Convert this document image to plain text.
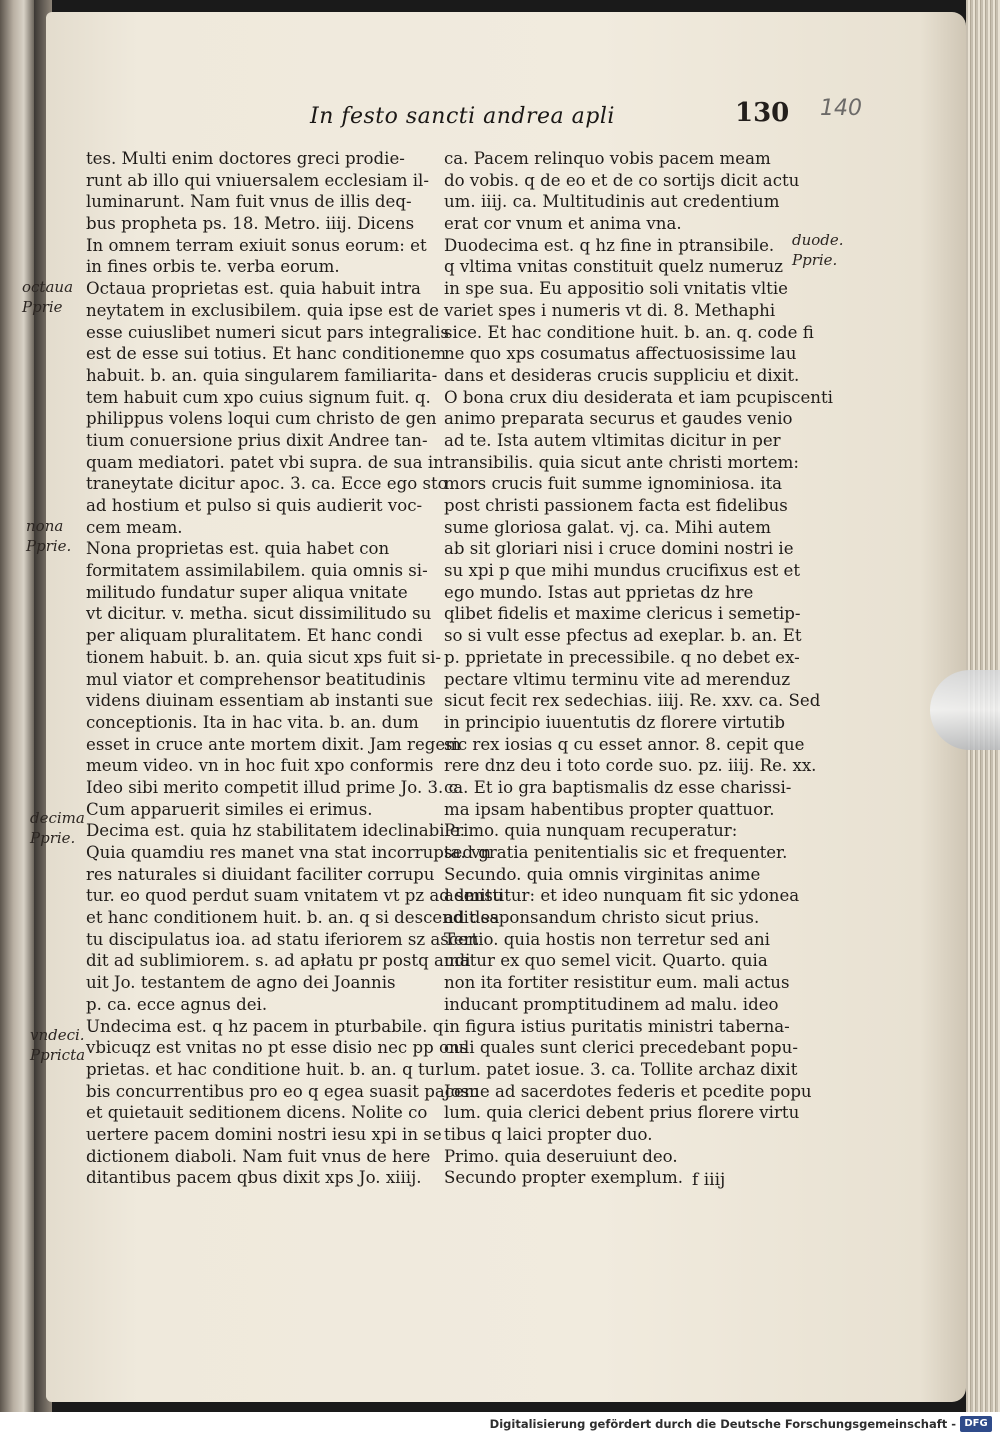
In festo sancti andrea apli	130 140
tes. Multi enim doctores greci prodie-
runt ab illo qui vniuersalem ecclesiam il-
luminarunt. Nam fuit vnus de illis deq-
bus propheta ps. 18. Metro. iiij. Dicens
In omnem terram exiuit sonus eorum: et
in fines orbis te. verba eorum.
Octaua proprietas est. quia habuit intra
neytatem in exclusibilem. quia ipse est de
esse cuiuslibet numeri sicut pars integralis
est de esse sui totius. Et hanc conditionem
habuit. b. an. quia singularem familiarita-
tem habuit cum xpo cuius signum fuit. q.
philippus volens loqui cum christo de gen
tium conuersione prius dixit Andree tan-
quam mediatori. patet vbi supra. de sua in
traneytate dicitur apoc. 3. ca. Ecce ego sto
ad hostium et pulso si quis audierit voc-
cem meam.
Nona proprietas est. quia habet con
formitatem assimilabilem. quia omnis si-
militudo fundatur super aliqua vnitate
vt dicitur. v. metha. sicut dissimilitudo su
per aliquam pluralitatem. Et hanc condi
tionem habuit. b. an. quia sicut xps fuit si-
mul viator et comprehensor beatitudinis
videns diuinam essentiam ab instanti sue
conceptionis. Ita in hac vita. b. an. dum
esset in cruce ante mortem dixit. Jam regem
meum video. vn in hoc fuit xpo conformis
Ideo sibi merito competit illud prime Jo. 3. c.
Cum apparuerit similes ei erimus.
Decima est. quia hz stabilitatem ideclinabile.
Quia quamdiu res manet vna stat incorrupta. vn
res naturales si diuidant faciliter corrupu
tur. eo quod perdut suam vnitatem vt pz ad sensu
et hanc conditionem huit. b. an. q si descendit sa
tu discipulatus ioa. ad statu iferiorem sz ascen
dit ad sublimiorem. s. ad apłatu pr postq audi
uit Jo. testantem de agno dei Joannis
p. ca. ecce agnus dei.
Undecima est. q hz pacem in pturbabile. q
vbicuqz est vnitas no pt esse disio nec pp ons
prietas. et hac conditione huit. b. an. q tur
bis concurrentibus pro eo q egea suasit pacem
et quietauit seditionem dicens. Nolite co
uertere pacem domini nostri iesu xpi in se
dictionem diaboli. Nam fuit vnus de here
ditantibus pacem qbus dixit xps Jo. xiiij.
ca. Pacem relinquo vobis pacem meam
do vobis. q de eo et de co sortijs dicit actu
um. iiij. ca. Multitudinis aut credentium
erat cor vnum et anima vna.
Duodecima est. q hz fine in ptransibile.
q vltima vnitas constituit quelz numeruz
in spe sua. Eu appositio soli vnitatis vltie
variet spes i numeris vt di. 8. Methaphi
sice. Et hac conditione huit. b. an. q. code fi
ne quo xps cosumatus affectuosissime lau
dans et desideras crucis suppliciu et dixit.
O bona crux diu desiderata et iam pcupiscenti
animo preparata securus et gaudes venio
ad te. Ista autem vltimitas dicitur in per
transibilis. quia sicut ante christi mortem:
mors crucis fuit summe ignominiosa. ita
post christi passionem facta est fidelibus
sume gloriosa galat. vj. ca. Mihi autem
ab sit gloriari nisi i cruce domini nostri ie
su xpi p que mihi mundus crucifixus est et
ego mundo. Istas aut pprietas dz hre
qlibet fidelis et maxime clericus i semetip-
so si vult esse pfectus ad exeplar. b. an. Et
p. pprietate in precessibile. q no debet ex-
pectare vltimu terminu vite ad merenduz
sicut fecit rex sedechias. iiij. Re. xxv. ca. Sed
in principio iuuentutis dz florere virtutib
sic rex iosias q cu esset annor. 8. cepit que
rere dnz deu i toto corde suo. pz. iiij. Re. xx.
ca. Et io gra baptismalis dz esse charissi-
ma ipsam habentibus propter quattuor.
Primo. quia nunquam recuperatur:
sed gratia penitentialis sic et frequenter.
Secundo. quia omnis virginitas anime
admittitur: et ideo nunquam fit sic ydonea
ad desponsandum christo sicut prius.
Tertio. quia hostis non terretur sed ani
matur ex quo semel vicit. Quarto. quia
non ita fortiter resistitur eum. mali actus
inducant promptitudinem ad malu. ideo
in figura istius puritatis ministri taberna-
culi quales sunt clerici precedebant popu-
lum. patet iosue. 3. ca. Tollite archaz dixit
Josue ad sacerdotes federis et pcedite popu
lum. quia clerici debent prius florere virtu
tibus q laici propter duo.
Primo. quia deseruiunt deo.
Secundo propter exemplum.
octaua
Pprie
nona
Pprie.
decima
Pprie.
vndeci.
Ppricta
duode.
Pprie.
f iiij
Digitalisierung gefördert durch die Deutsche Forschungsgemeinschaft - DFG
